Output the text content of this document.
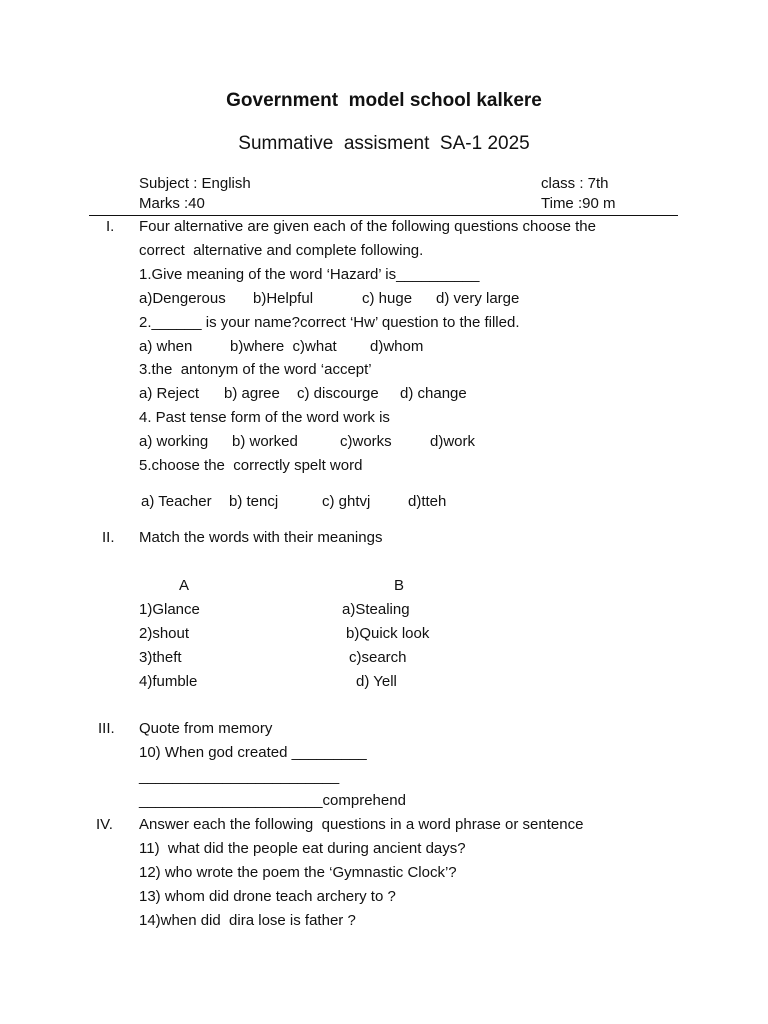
Government  model school kalkere
Summative  assisment  SA-1 2025
Subject : English	class : 7th
Marks :40	Time :90 m
I. Four alternative are given each of the following questions choose the
correct  alternative and complete following.
1.Give meaning of the word ‘Hazard’ is__________
a)Dengerous b)Helpful	c) huge d) very large
2.______ is your name?correct ‘Hw’ question to the filled.
a) when	b)where  c)what d)whom
3.the  antonym of the word ‘accept’
a) Reject b) agree c) discourge d) change
4. Past tense form of the word work is
a) working b) worked	c)works	d)work
5.choose the  correctly spelt word
a) Teacher b) tencj	c) ghtvj	d)tteh
II. Match the words with their meanings
A	B
1)Glance	a)Stealing
2)shout	b)Quick look
3)theft	c)search
4)fumble	d) Yell
III. Quote from memory
10) When god created _________
________________________
______________________comprehend
IV. Answer each the following  questions in a word phrase or sentence
11)  what did the people eat during ancient days?
12) who wrote the poem the ‘Gymnastic Clock’?
13) whom did drone teach archery to ?
14)when did  dira lose is father ?
